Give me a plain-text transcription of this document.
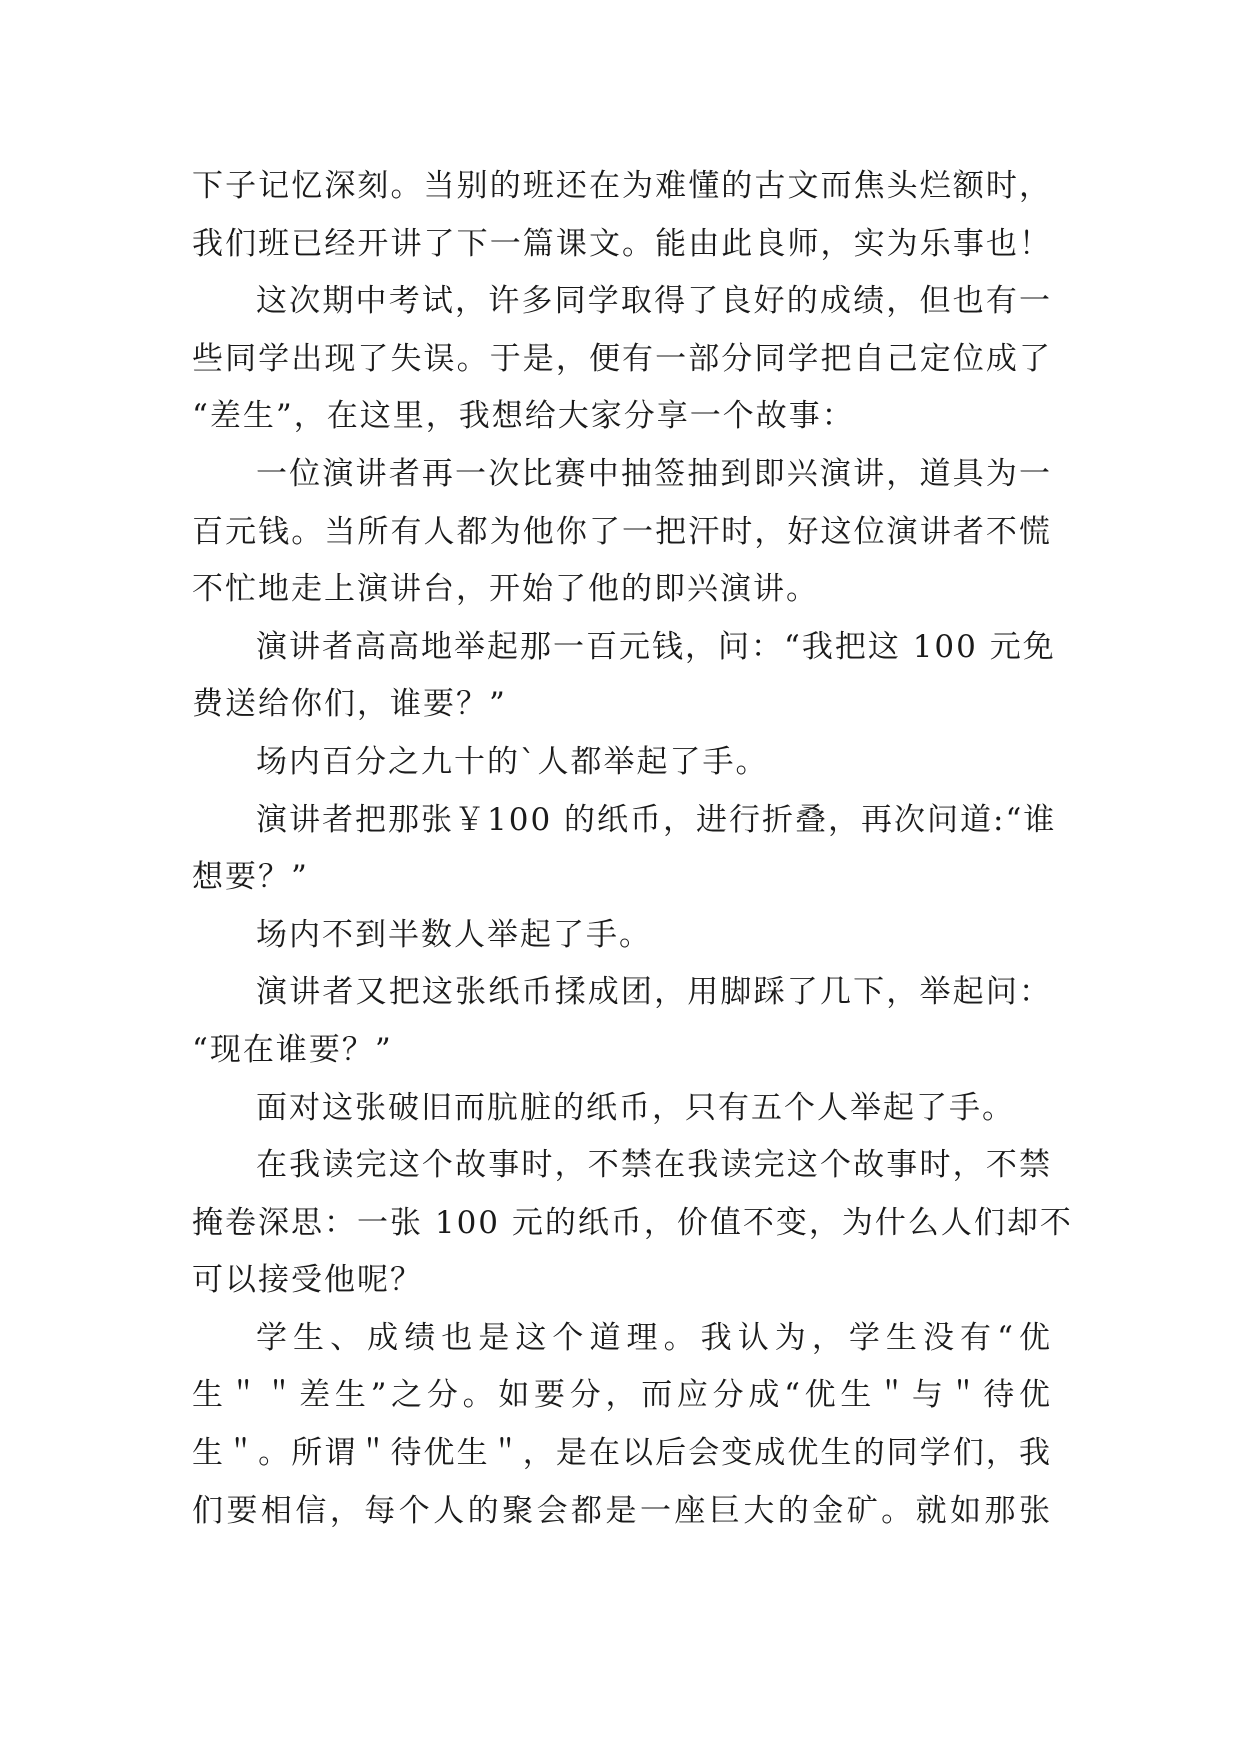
下子记忆深刻。当别的班还在为难懂的古文而焦头烂额时，
我们班已经开讲了下一篇课文。能由此良师，实为乐事也！
这次期中考试，许多同学取得了良好的成绩，但也有一
些同学出现了失误。于是，便有一部分同学把自己定位成了
“差生”，在这里，我想给大家分享一个故事：
一位演讲者再一次比赛中抽签抽到即兴演讲，道具为一
百元钱。当所有人都为他你了一把汗时，好这位演讲者不慌
不忙地走上演讲台，开始了他的即兴演讲。
演讲者高高地举起那一百元钱，问：“我把这 100 元免
费送给你们，谁要？”
场内百分之九十的`人都举起了手。
演讲者把那张￥100 的纸币，进行折叠，再次问道:“谁
想要？”
场内不到半数人举起了手。
演讲者又把这张纸币揉成团，用脚踩了几下，举起问：
“现在谁要？”
面对这张破旧而肮脏的纸币，只有五个人举起了手。
在我读完这个故事时，不禁在我读完这个故事时，不禁
掩卷深思：一张 100 元的纸币，价值不变，为什么人们却不
可以接受他呢？
学生、成绩也是这个道理。我认为，学生没有“优
生＂＂差生”之分。如要分，而应分成“优生＂与＂待优
生＂。所谓＂待优生＂，是在以后会变成优生的同学们，我
们要相信，每个人的聚会都是一座巨大的金矿。就如那张
